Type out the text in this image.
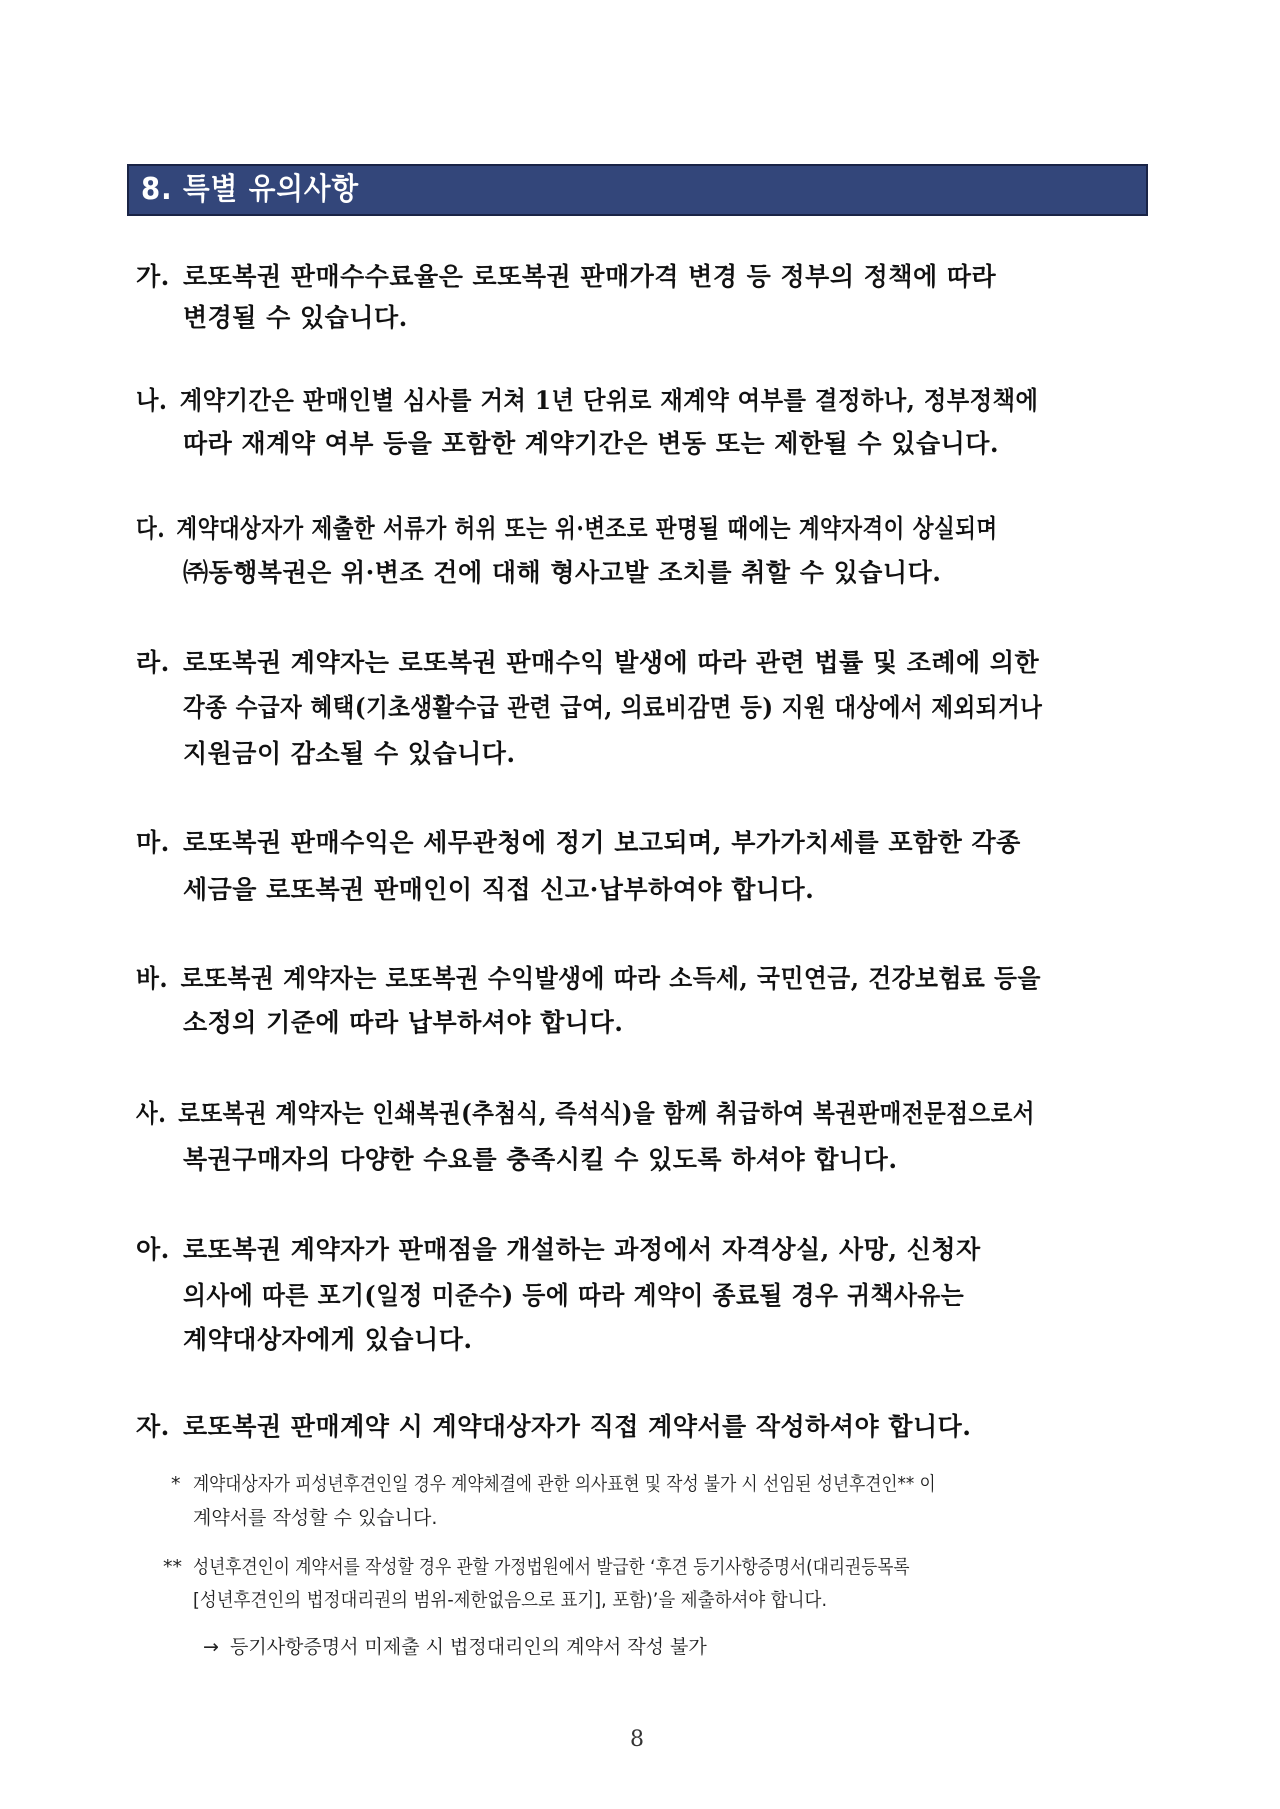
8. 특별 유의사항
가. 로또복권 판매수수료율은 로또복권 판매가격 변경 등 정부의 정책에 따라
변경될 수 있습니다.
나. 계약기간은 판매인별 심사를 거쳐 1년 단위로 재계약 여부를 결정하나, 정부정책에
따라 재계약 여부 등을 포함한 계약기간은 변동 또는 제한될 수 있습니다.
다. 계약대상자가 제출한 서류가 허위 또는 위·변조로 판명될 때에는 계약자격이 상실되며
㈜동행복권은 위·변조 건에 대해 형사고발 조치를 취할 수 있습니다.
라. 로또복권 계약자는 로또복권 판매수익 발생에 따라 관련 법률 및 조례에 의한
각종 수급자 혜택(기초생활수급 관련 급여, 의료비감면 등) 지원 대상에서 제외되거나
지원금이 감소될 수 있습니다.
마. 로또복권 판매수익은 세무관청에 정기 보고되며, 부가가치세를 포함한 각종
세금을 로또복권 판매인이 직접 신고·납부하여야 합니다.
바. 로또복권 계약자는 로또복권 수익발생에 따라 소득세, 국민연금, 건강보험료 등을
소정의 기준에 따라 납부하셔야 합니다.
사. 로또복권 계약자는 인쇄복권(추첨식, 즉석식)을 함께 취급하여 복권판매전문점으로서
복권구매자의 다양한 수요를 충족시킬 수 있도록 하셔야 합니다.
아. 로또복권 계약자가 판매점을 개설하는 과정에서 자격상실, 사망, 신청자
의사에 따른 포기(일정 미준수) 등에 따라 계약이 종료될 경우 귀책사유는
계약대상자에게 있습니다.
자. 로또복권 판매계약 시 계약대상자가 직접 계약서를 작성하셔야 합니다.
* 계약대상자가 피성년후견인일 경우 계약체결에 관한 의사표현 및 작성 불가 시 선임된 성년후견인** 이
계약서를 작성할 수 있습니다.
** 성년후견인이 계약서를 작성할 경우 관할 가정법원에서 발급한 ‘후견 등기사항증명서(대리권등목록
[성년후견인의 법정대리권의 범위-제한없음으로 표기], 포함)’을 제출하셔야 합니다.
→ 등기사항증명서 미제출 시 법정대리인의 계약서 작성 불가
8
